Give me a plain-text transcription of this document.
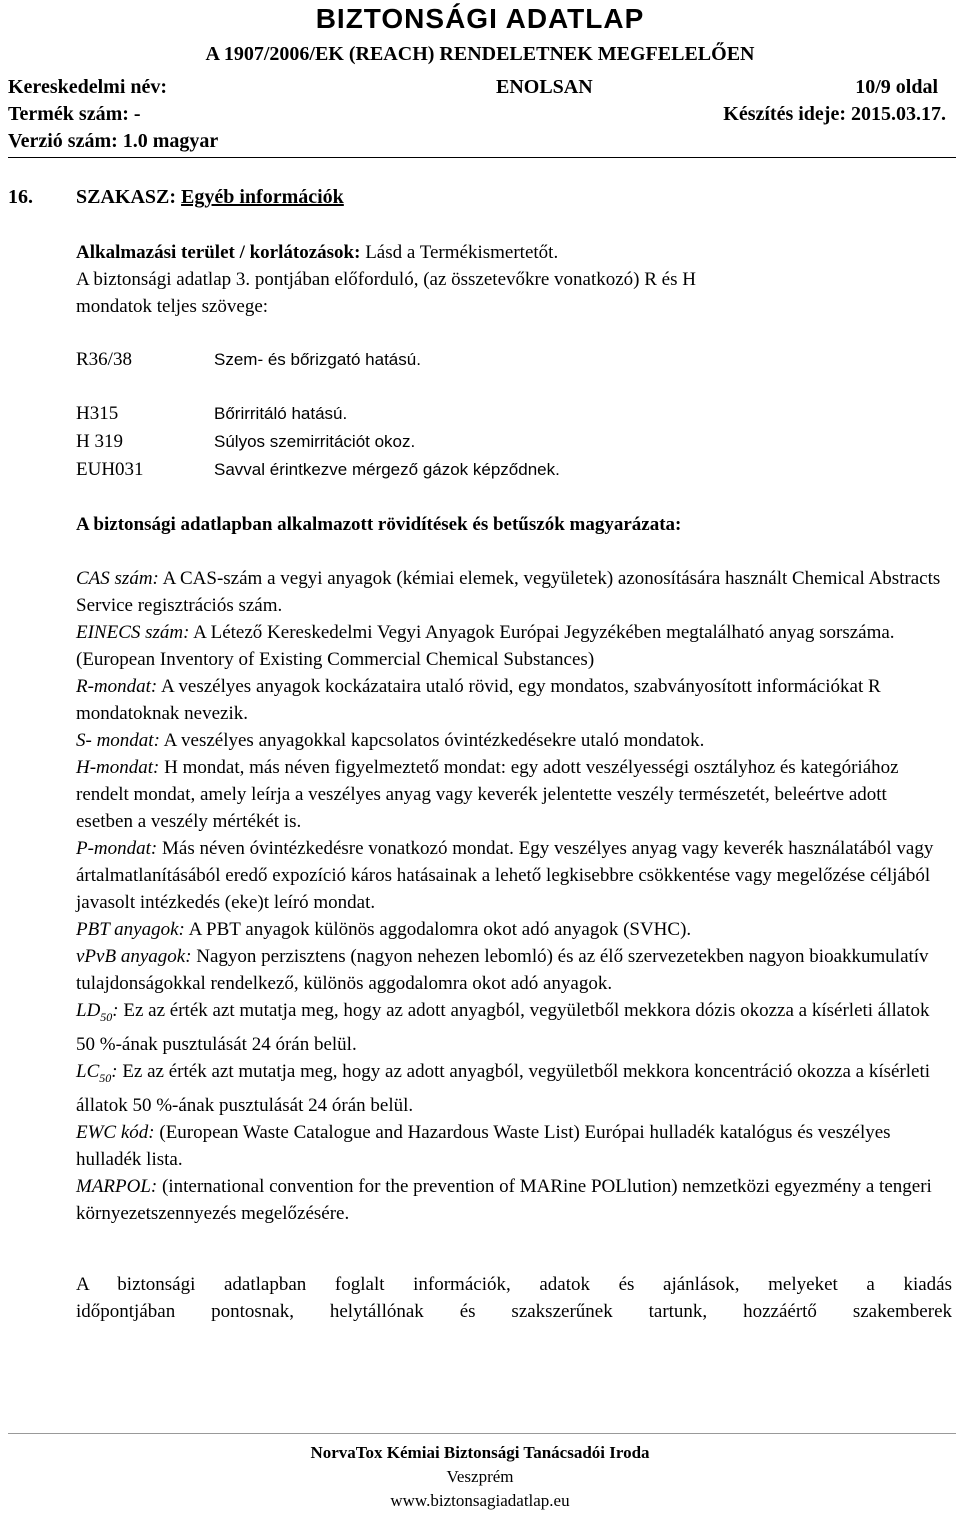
BIZTONSÁGI ADATLAP
A 1907/2006/EK (REACH) RENDELETNEK MEGFELELŐEN
Kereskedelmi név:	ENOLSAN	10/9 oldal
Termék szám: -	Készítés ideje: 2015.03.17.
Verzió szám: 1.0 magyar
16. SZAKASZ: Egyéb információk
Alkalmazási terület / korlátozások: Lásd a Termékismertetőt.
A biztonsági adatlap 3. pontjában előforduló, (az összetevőkre vonatkozó) R és H
mondatok teljes szövege:
R36/38	Szem- és bőrizgató hatású.
H315	Bőrirritáló hatású.
H 319	Súlyos szemirritációt okoz.
EUH031	Savval érintkezve mérgező gázok képződnek.
A biztonsági adatlapban alkalmazott rövidítések és betűszók magyarázata:

CAS szám: A CAS-szám a vegyi anyagok (kémiai elemek, vegyületek) azonosítására használt Chemical Abstracts Service regisztrációs szám.

EINECS szám: A Létező Kereskedelmi Vegyi Anyagok Európai Jegyzékében megtalálható anyag sorszáma. (European Inventory of Existing Commercial Chemical Substances)

R-mondat: A veszélyes anyagok kockázataira utaló rövid, egy mondatos, szabványosított információkat R mondatoknak nevezik.

S- mondat: A veszélyes anyagokkal kapcsolatos óvintézkedésekre utaló mondatok.

H-mondat: H mondat, más néven figyelmeztető mondat: egy adott veszélyességi osztályhoz és kategóriához rendelt mondat, amely leírja a veszélyes anyag vagy keverék jelentette veszély természetét, beleértve adott esetben a veszély mértékét is.

P-mondat: Más néven óvintézkedésre vonatkozó mondat. Egy veszélyes anyag vagy keverék használatából vagy ártalmatlanításából eredő expozíció káros hatásainak a lehető legkisebbre csökkentése vagy megelőzése céljából javasolt intézkedés (eke)t leíró mondat.

PBT anyagok: A PBT anyagok különös aggodalomra okot adó anyagok (SVHC).

vPvB anyagok: Nagyon perzisztens (nagyon nehezen lebomló) és az élő szervezetekben nagyon bioakkumulatív tulajdonságokkal rendelkező, különös aggodalomra okot adó anyagok.

$LD_{50}$: Ez az érték azt mutatja meg, hogy az adott anyagból, vegyületből mekkora dózis okozza a kísérleti állatok 50 %-ának pusztulását 24 órán belül.

$LC_{50}$: Ez az érték azt mutatja meg, hogy az adott anyagból, vegyületből mekkora koncentráció okozza a kísérleti állatok 50 %-ának pusztulását 24 órán belül.

EWC kód: (European Waste Catalogue and Hazardous Waste List) Európai hulladék katalógus és veszélyes hulladék lista.

MARPOL: (international convention for the prevention of MARine POLlution) nemzetközi egyezmény a tengeri környezetszennyezés megelőzésére.

A biztonsági adatlapban foglalt információk, adatok és ajánlások, melyeket a kiadás
időpontjában pontosnak, helytállónak és szakszerűnek tartunk, hozzáértő szakemberek
NorvaTox Kémiai Biztonsági Tanácsadói Iroda
Veszprém
www.biztonsagiadatlap.eu
